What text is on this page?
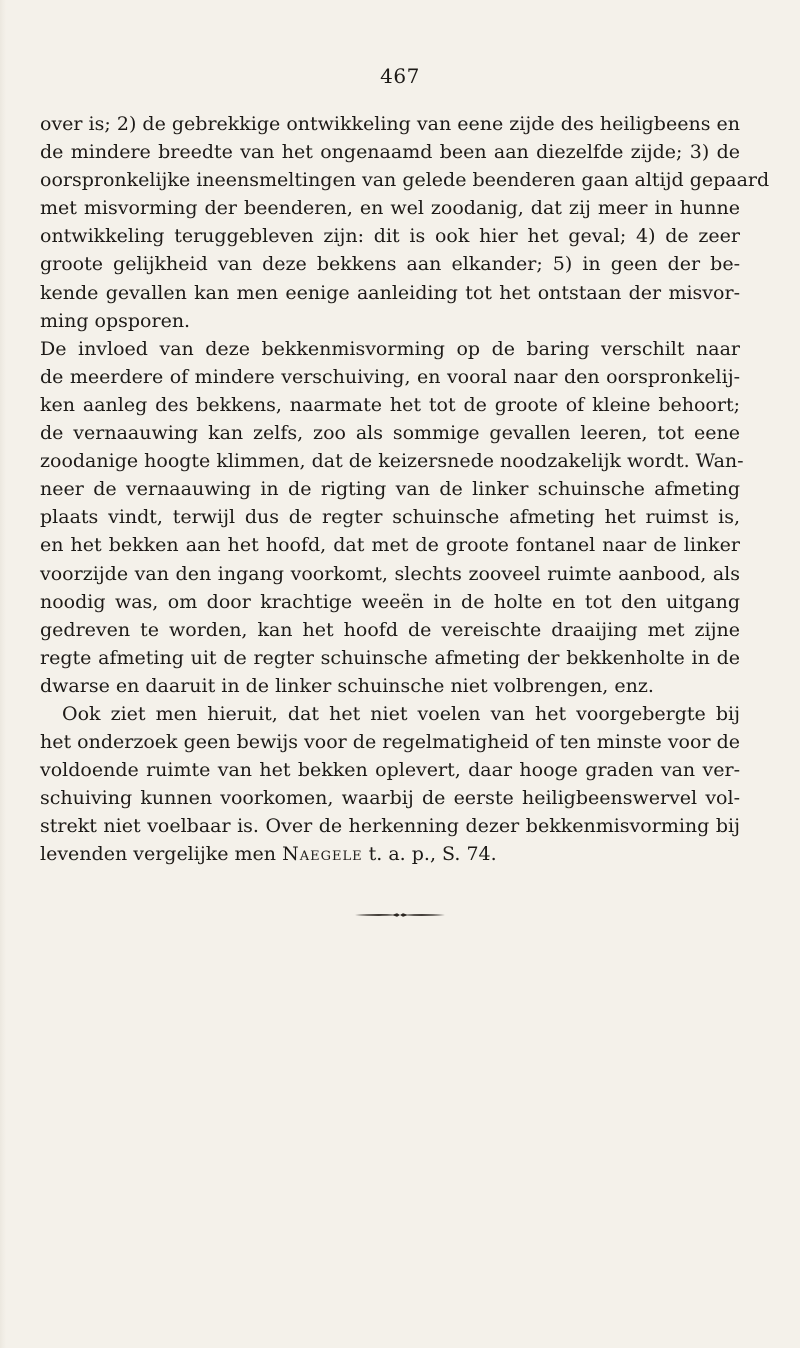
467
over is; 2) de gebrekkige ontwikkeling van eene zijde des heiligbeens en
de mindere breedte van het ongenaamd been aan diezelfde zijde; 3) de
oorspronkelijke ineensmeltingen van gelede beenderen gaan altijd gepaard
met misvorming der beenderen, en wel zoodanig, dat zij meer in hunne
ontwikkeling teruggebleven zijn: dit is ook hier het geval; 4) de zeer
groote gelijkheid van deze bekkens aan elkander; 5) in geen der be-
kende gevallen kan men eenige aanleiding tot het ontstaan der misvor-
ming opsporen.
De invloed van deze bekkenmisvorming op de baring verschilt naar
de meerdere of mindere verschuiving, en vooral naar den oorspronkelij-
ken aanleg des bekkens, naarmate het tot de groote of kleine behoort;
de vernaauwing kan zelfs, zoo als sommige gevallen leeren, tot eene
zoodanige hoogte klimmen, dat de keizersnede noodzakelijk wordt. Wan-
neer de vernaauwing in de rigting van de linker schuinsche afmeting
plaats vindt, terwijl dus de regter schuinsche afmeting het ruimst is,
en het bekken aan het hoofd, dat met de groote fontanel naar de linker
voorzijde van den ingang voorkomt, slechts zooveel ruimte aanbood, als
noodig was, om door krachtige weeën in de holte en tot den uitgang
gedreven te worden, kan het hoofd de vereischte draaijing met zijne
regte afmeting uit de regter schuinsche afmeting der bekkenholte in de
dwarse en daaruit in de linker schuinsche niet volbrengen, enz.
Ook ziet men hieruit, dat het niet voelen van het voorgebergte bij
het onderzoek geen bewijs voor de regelmatigheid of ten minste voor de
voldoende ruimte van het bekken oplevert, daar hooge graden van ver-
schuiving kunnen voorkomen, waarbij de eerste heiligbeenswervel vol-
strekt niet voelbaar is. Over de herkenning dezer bekkenmisvorming bij
levenden vergelijke men Naegele t. a. p., S. 74.
